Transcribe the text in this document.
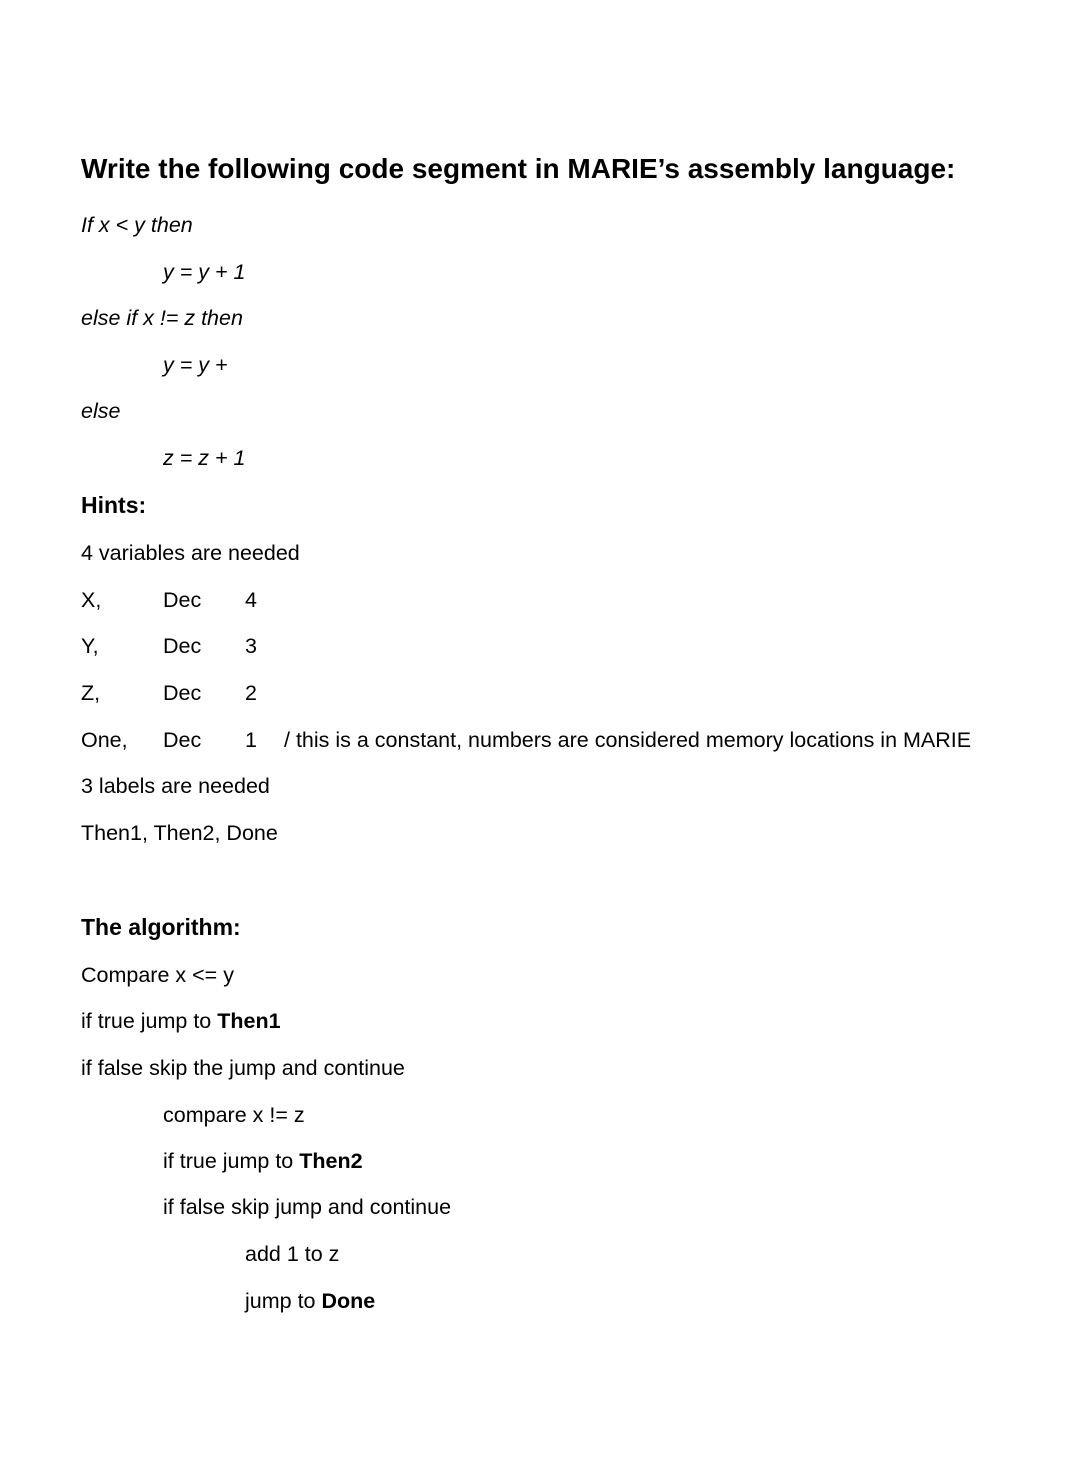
Write the following code segment in MARIE’s assembly language:
If x < y then
y = y + 1
else if x != z then
y = y +
else
z = z + 1
Hints:
4 variables are needed
X,	Dec 4
Y,	Dec 3
Z,	Dec 2
One, Dec 1 / this is a constant, numbers are considered memory locations in MARIE
3 labels are needed
Then1, Then2, Done
The algorithm:
Compare x <= y
if true jump to Then1
if false skip the jump and continue
compare x != z
if true jump to Then2
if false skip jump and continue
add 1 to z
jump to Done
